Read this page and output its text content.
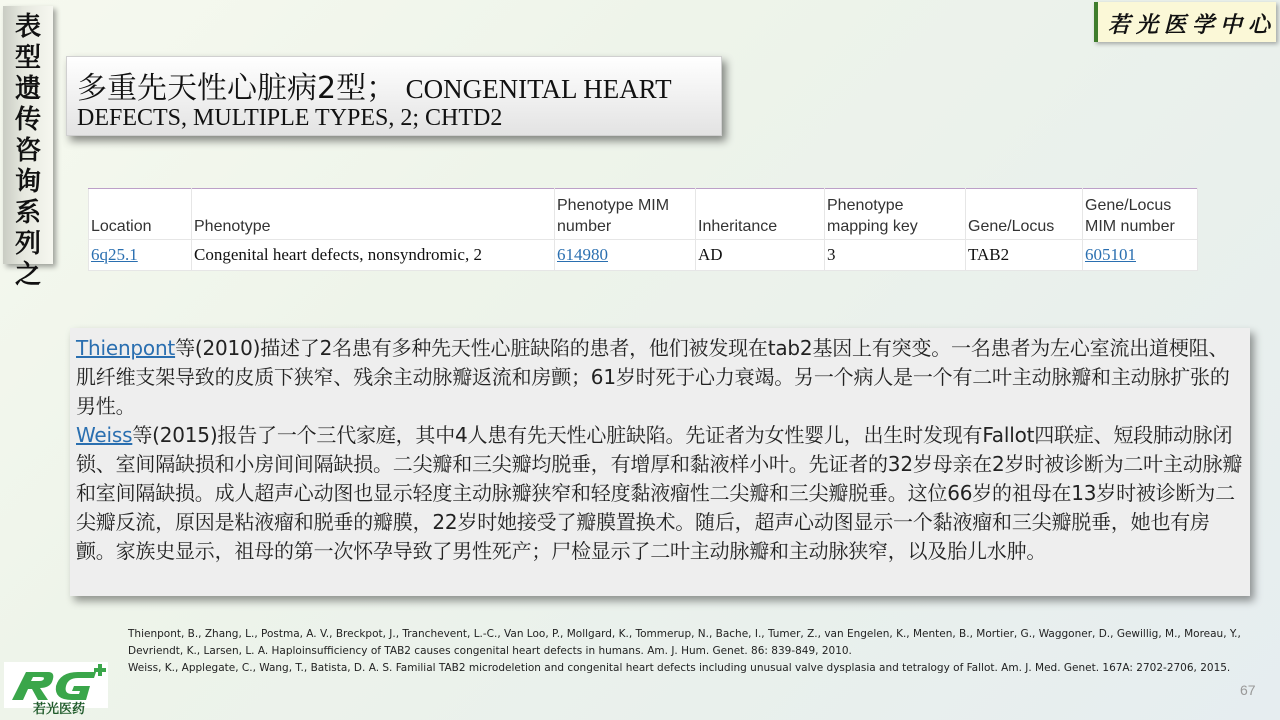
表
型
遗
传
咨
询
系
列
之
若光医学中心
多重先天性心脏病2型； CONGENITAL HEART
DEFECTS, MULTIPLE TYPES, 2; CHTD2
Location	Phenotype	Phenotype MIM number	Inheritance	Phenotype mapping key	Gene/Locus	Gene/Locus MIM number
6q25.1	Congenital heart defects, nonsyndromic, 2	614980	AD	3	TAB2	605101

Thienpont等(2010)描述了2名患有多种先天性心脏缺陷的患者，他们被发现在tab2基因上有突变。一名患者为左心室流出道梗阻、肌纤维支架导致的皮质下狭窄、残余主动脉瓣返流和房颤；61岁时死于心力衰竭。另一个病人是一个有二叶主动脉瓣和主动脉扩张的男性。

Weiss等(2015)报告了一个三代家庭，其中4人患有先天性心脏缺陷。先证者为女性婴儿，出生时发现有Fallot四联症、短段肺动脉闭锁、室间隔缺损和小房间间隔缺损。二尖瓣和三尖瓣均脱垂，有增厚和黏液样小叶。先证者的32岁母亲在2岁时被诊断为二叶主动脉瓣和室间隔缺损。成人超声心动图也显示轻度主动脉瓣狭窄和轻度黏液瘤性二尖瓣和三尖瓣脱垂。这位66岁的祖母在13岁时被诊断为二尖瓣反流，原因是粘液瘤和脱垂的瓣膜，22岁时她接受了瓣膜置换术。随后，超声心动图显示一个黏液瘤和三尖瓣脱垂，她也有房颤。家族史显示，祖母的第一次怀孕导致了男性死产；尸检显示了二叶主动脉瓣和主动脉狭窄，以及胎儿水肿。

Thienpont, B., Zhang, L., Postma, A. V., Breckpot, J., Tranchevent, L.-C., Van Loo, P., Mollgard, K., Tommerup, N., Bache, I., Tumer, Z., van Engelen, K., Menten, B., Mortier, G., Waggoner, D., Gewillig, M., Moreau, Y., Devriendt, K., Larsen, L. A. Haploinsufficiency of TAB2 causes congenital heart defects in humans. Am. J. Hum. Genet. 86: 839-849, 2010.

Weiss, K., Applegate, C., Wang, T., Batista, D. A. S. Familial TAB2 microdeletion and congenital heart defects including unusual valve dysplasia and tetralogy of Fallot. Am. J. Med. Genet. 167A: 2702-2706, 2015.

若光医药
67
